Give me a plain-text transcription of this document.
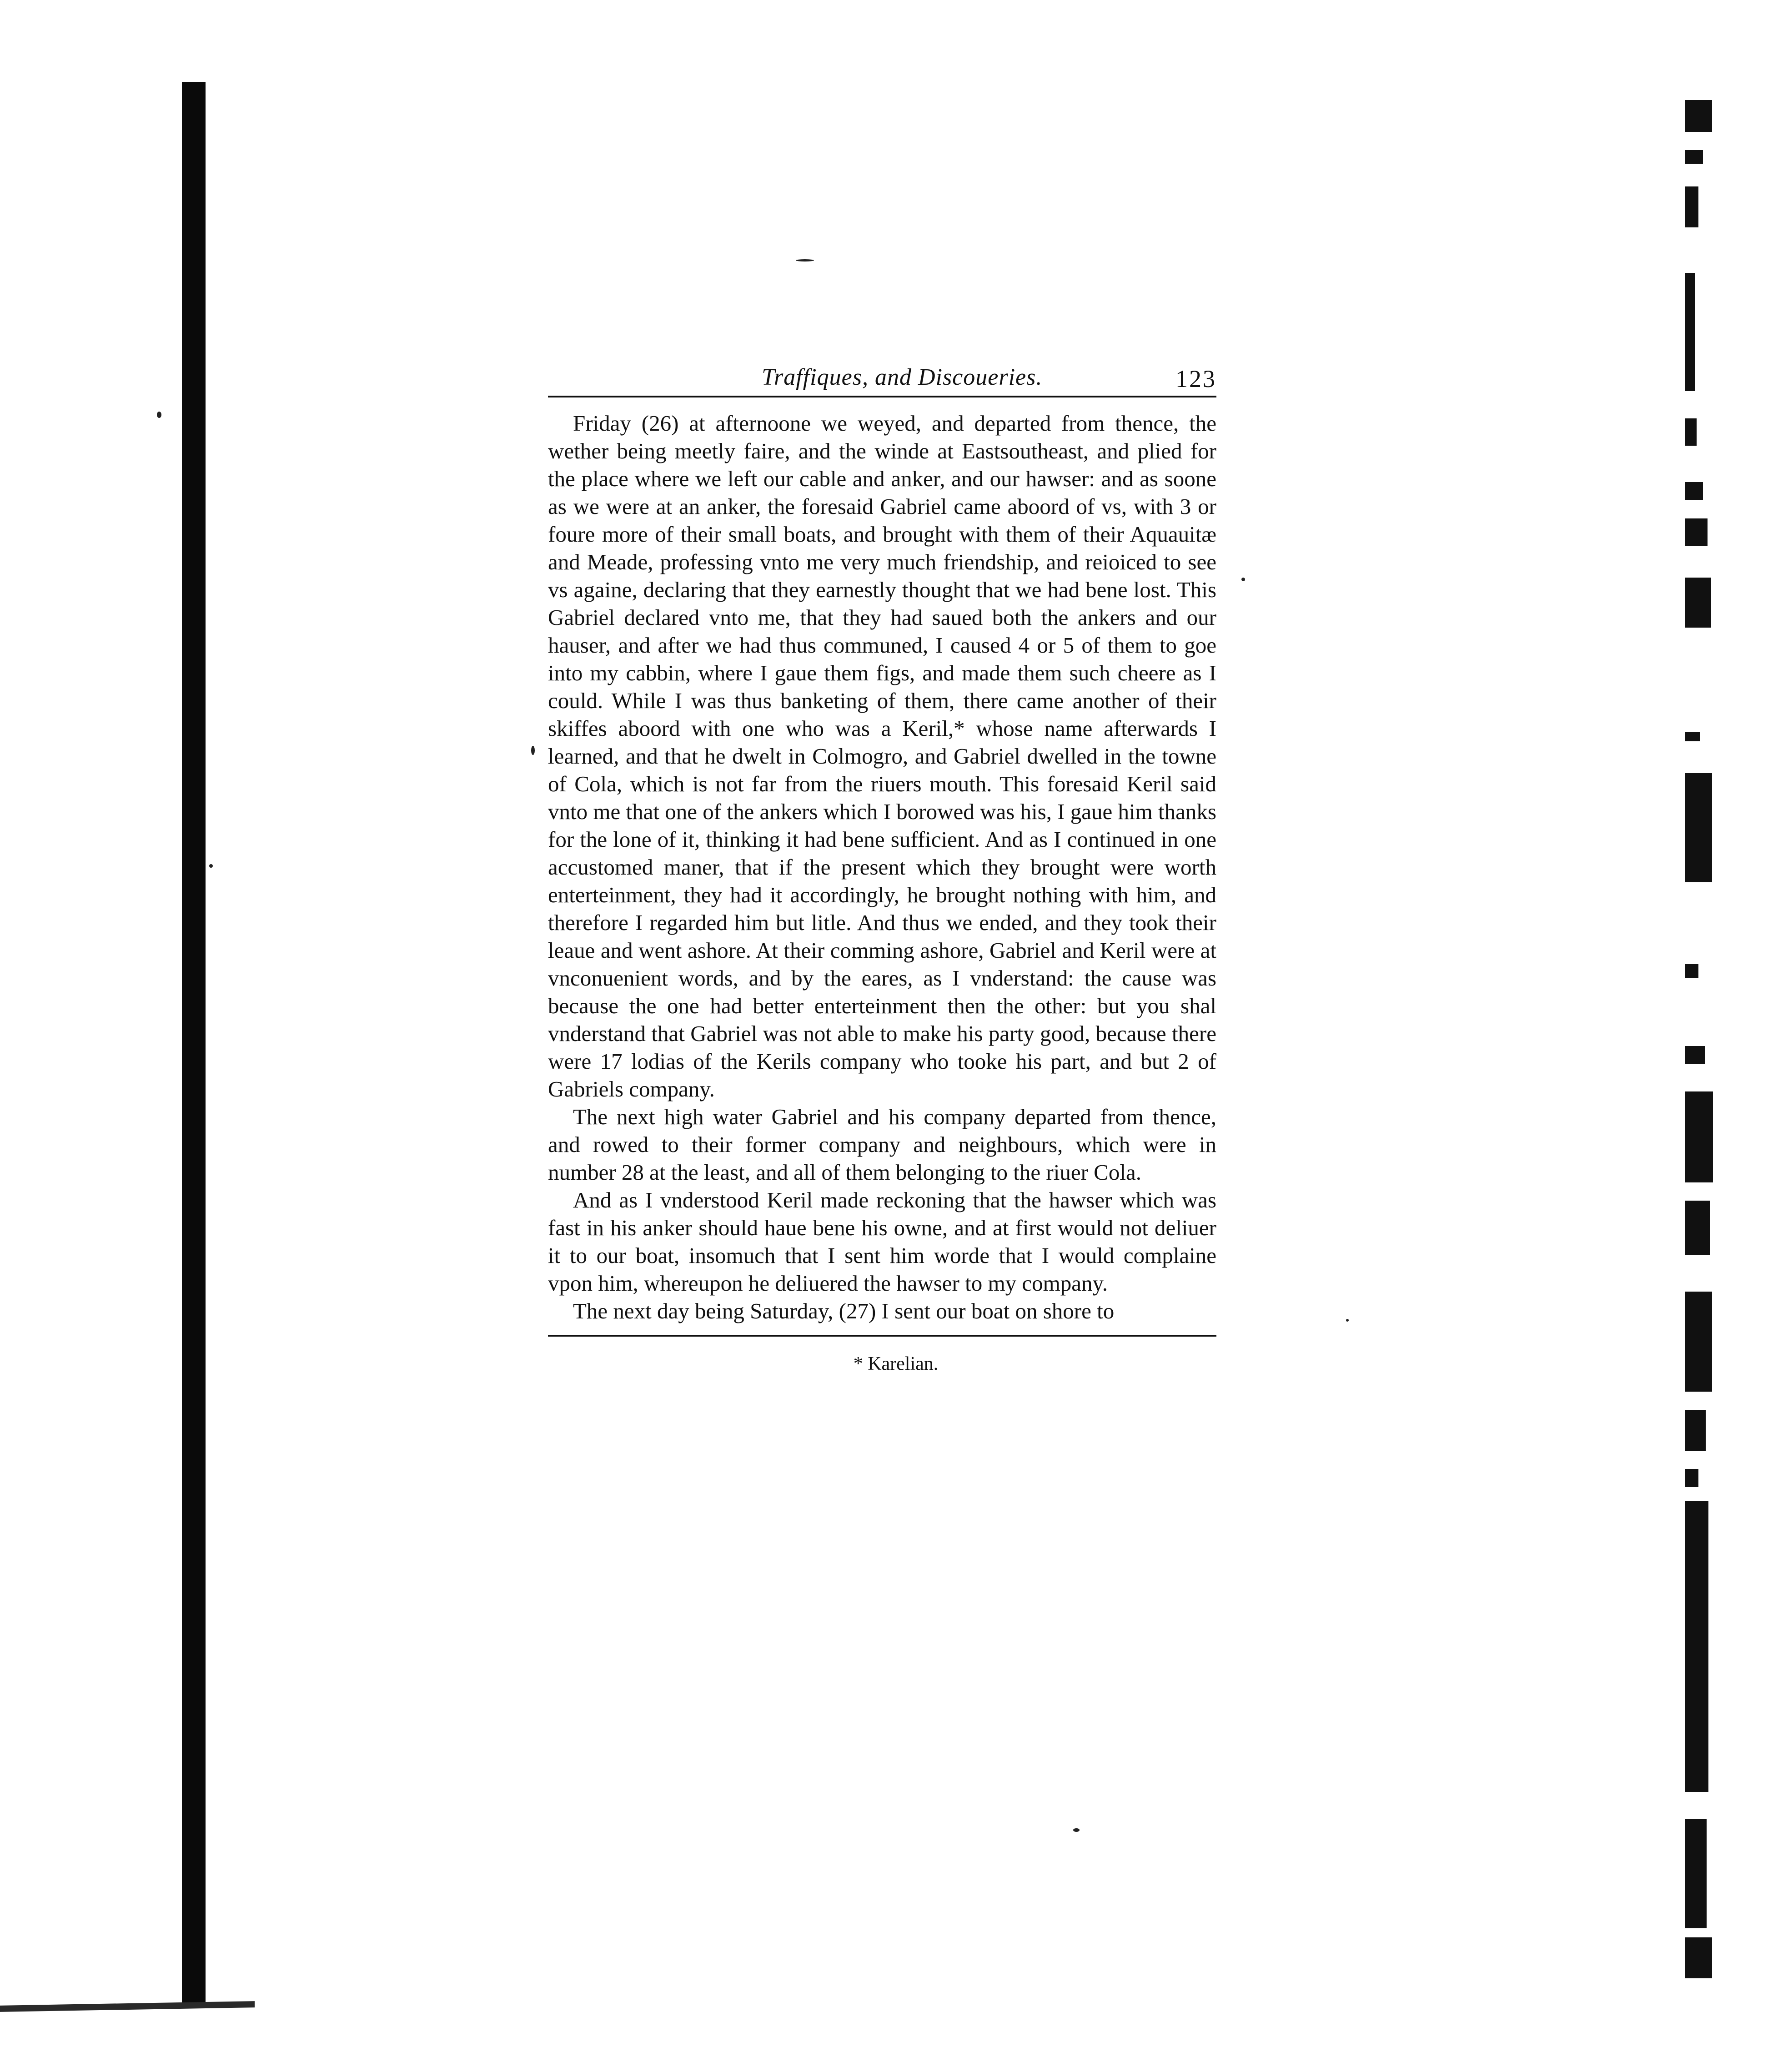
Traffiques, and Discoueries.	123

Friday (26) at afternoone we weyed, and departed from thence, the wether being meetly faire, and the winde at Eastsoutheast, and plied for the place where we left our cable and anker, and our hawser: and as soone as we were at an anker, the foresaid Gabriel came aboord of vs, with 3 or foure more of their small boats, and brought with them of their Aquauitæ and Meade, professing vnto me very much friendship, and reioiced to see vs againe, declaring that they earnestly thought that we had bene lost. This Gabriel declared vnto me, that they had saued both the ankers and our hauser, and after we had thus communed, I caused 4 or 5 of them to goe into my cabbin, where I gaue them figs, and made them such cheere as I could. While I was thus banketing of them, there came another of their skiffes aboord with one who was a Keril,* whose name afterwards I learned, and that he dwelt in Colmogro, and Gabriel dwelled in the towne of Cola, which is not far from the riuers mouth. This foresaid Keril said vnto me that one of the ankers which I borowed was his, I gaue him thanks for the lone of it, thinking it had bene sufficient. And as I continued in one accustomed maner, that if the present which they brought were worth enterteinment, they had it accordingly, he brought nothing with him, and therefore I regarded him but litle. And thus we ended, and they took their leaue and went ashore. At their comming ashore, Gabriel and Keril were at vnconuenient words, and by the eares, as I vnderstand: the cause was because the one had better enterteinment then the other: but you shal vnderstand that Gabriel was not able to make his party good, because there were 17 lodias of the Kerils company who tooke his part, and but 2 of Gabriels company.

The next high water Gabriel and his company departed from thence, and rowed to their former company and neighbours, which were in number 28 at the least, and all of them belonging to the riuer Cola.

And as I vnderstood Keril made reckoning that the hawser which was fast in his anker should haue bene his owne, and at first would not deliuer it to our boat, insomuch that I sent him worde that I would complaine vpon him, whereupon he deliuered the hawser to my company.

The next day being Saturday, (27) I sent our boat on shore to

* Karelian.
